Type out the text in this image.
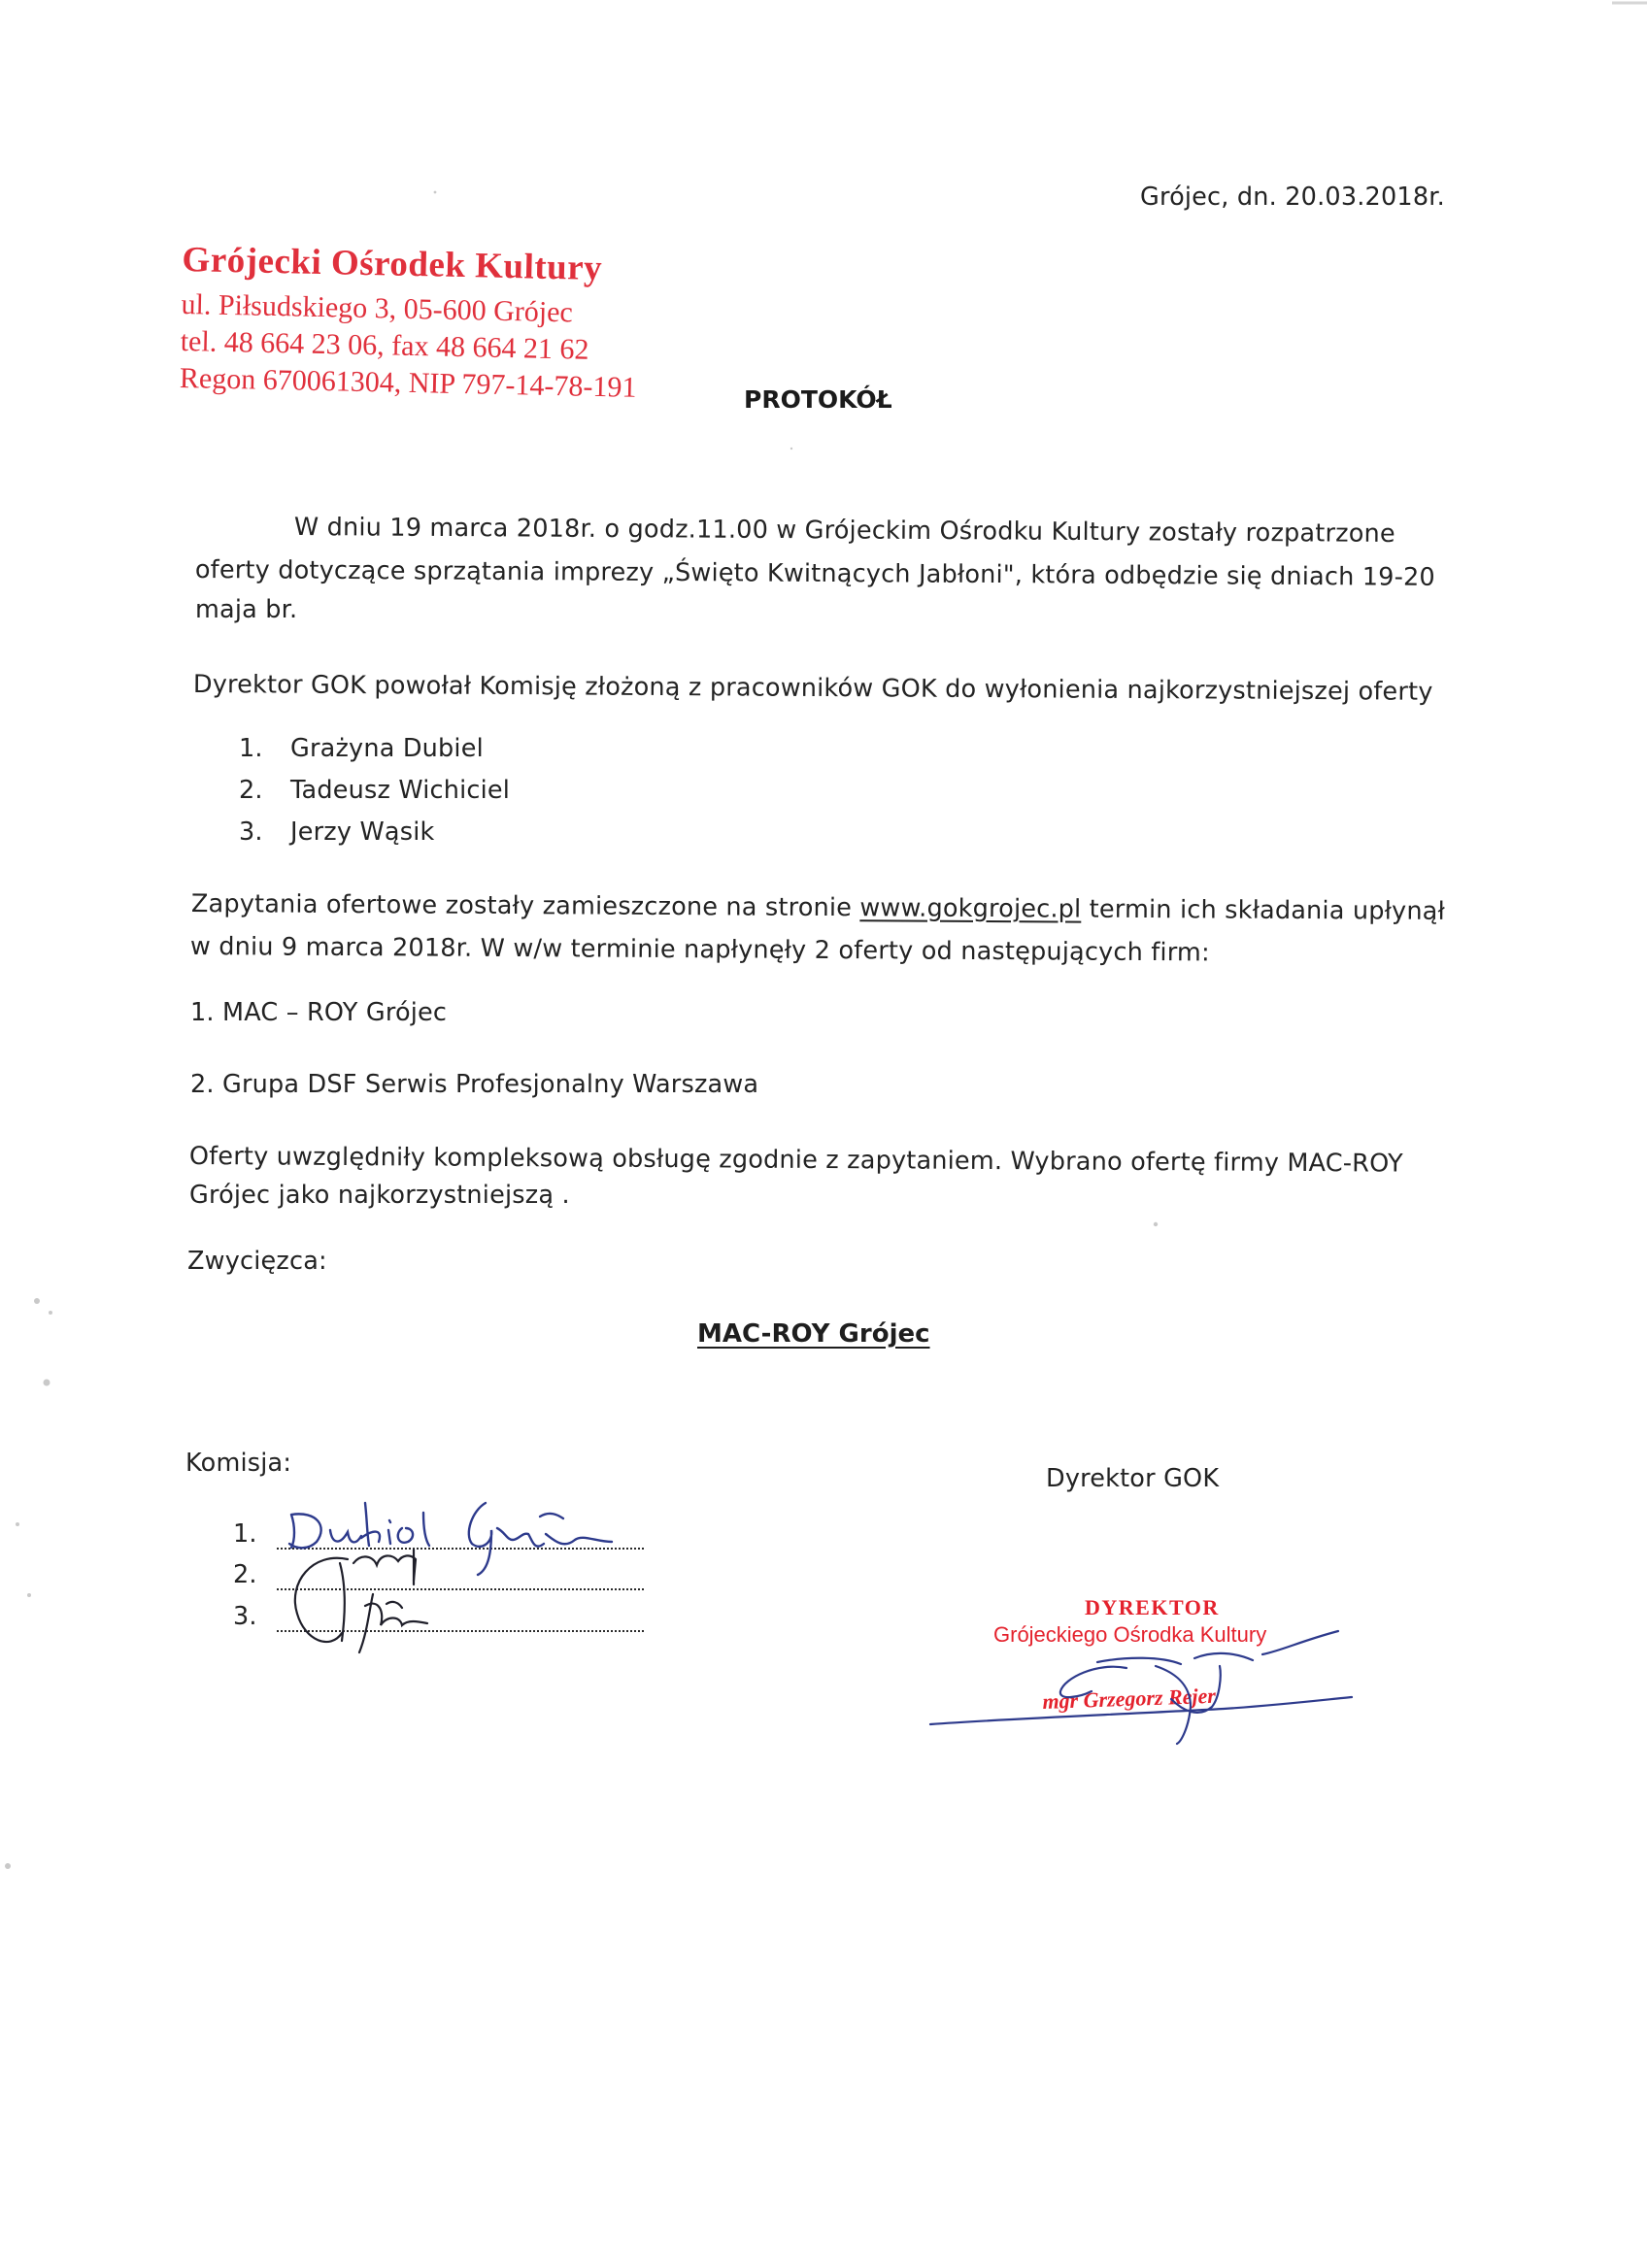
Grójec, dn. 20.03.2018r.
Grójecki Ośrodek Kultury
ul. Piłsudskiego 3, 05-600 Grójec
tel. 48 664 23 06, fax 48 664 21 62
Regon 670061304, NIP 797-14-78-191	PROTOKÓŁ
W dniu 19 marca 2018r. o godz.11.00 w Grójeckim Ośrodku Kultury zostały rozpatrzone
oferty dotyczące sprzątania imprezy „Święto Kwitnących Jabłoni", która odbędzie się dniach 19-20
maja br.
Dyrektor GOK powołał Komisję złożoną z pracowników GOK do wyłonienia najkorzystniejszej oferty
1. Grażyna Dubiel
2. Tadeusz Wichiciel
3. Jerzy Wąsik
Zapytania ofertowe zostały zamieszczone na stronie www.gokgrojec.pl termin ich składania upłynął
w dniu 9 marca 2018r. W w/w terminie napłynęły 2 oferty od następujących firm:
1. MAC – ROY Grójec
2. Grupa DSF Serwis Profesjonalny Warszawa
Oferty uwzględniły kompleksową obsługę zgodnie z zapytaniem. Wybrano ofertę firmy MAC-ROY
Grójec jako najkorzystniejszą .
Zwycięzca:
MAC-ROY Grójec
Komisja:
1.
2.
3.
Dyrektor GOK
DYREKTOR
Grójeckiego Ośrodka Kultury
mgr Grzegorz Rejer
